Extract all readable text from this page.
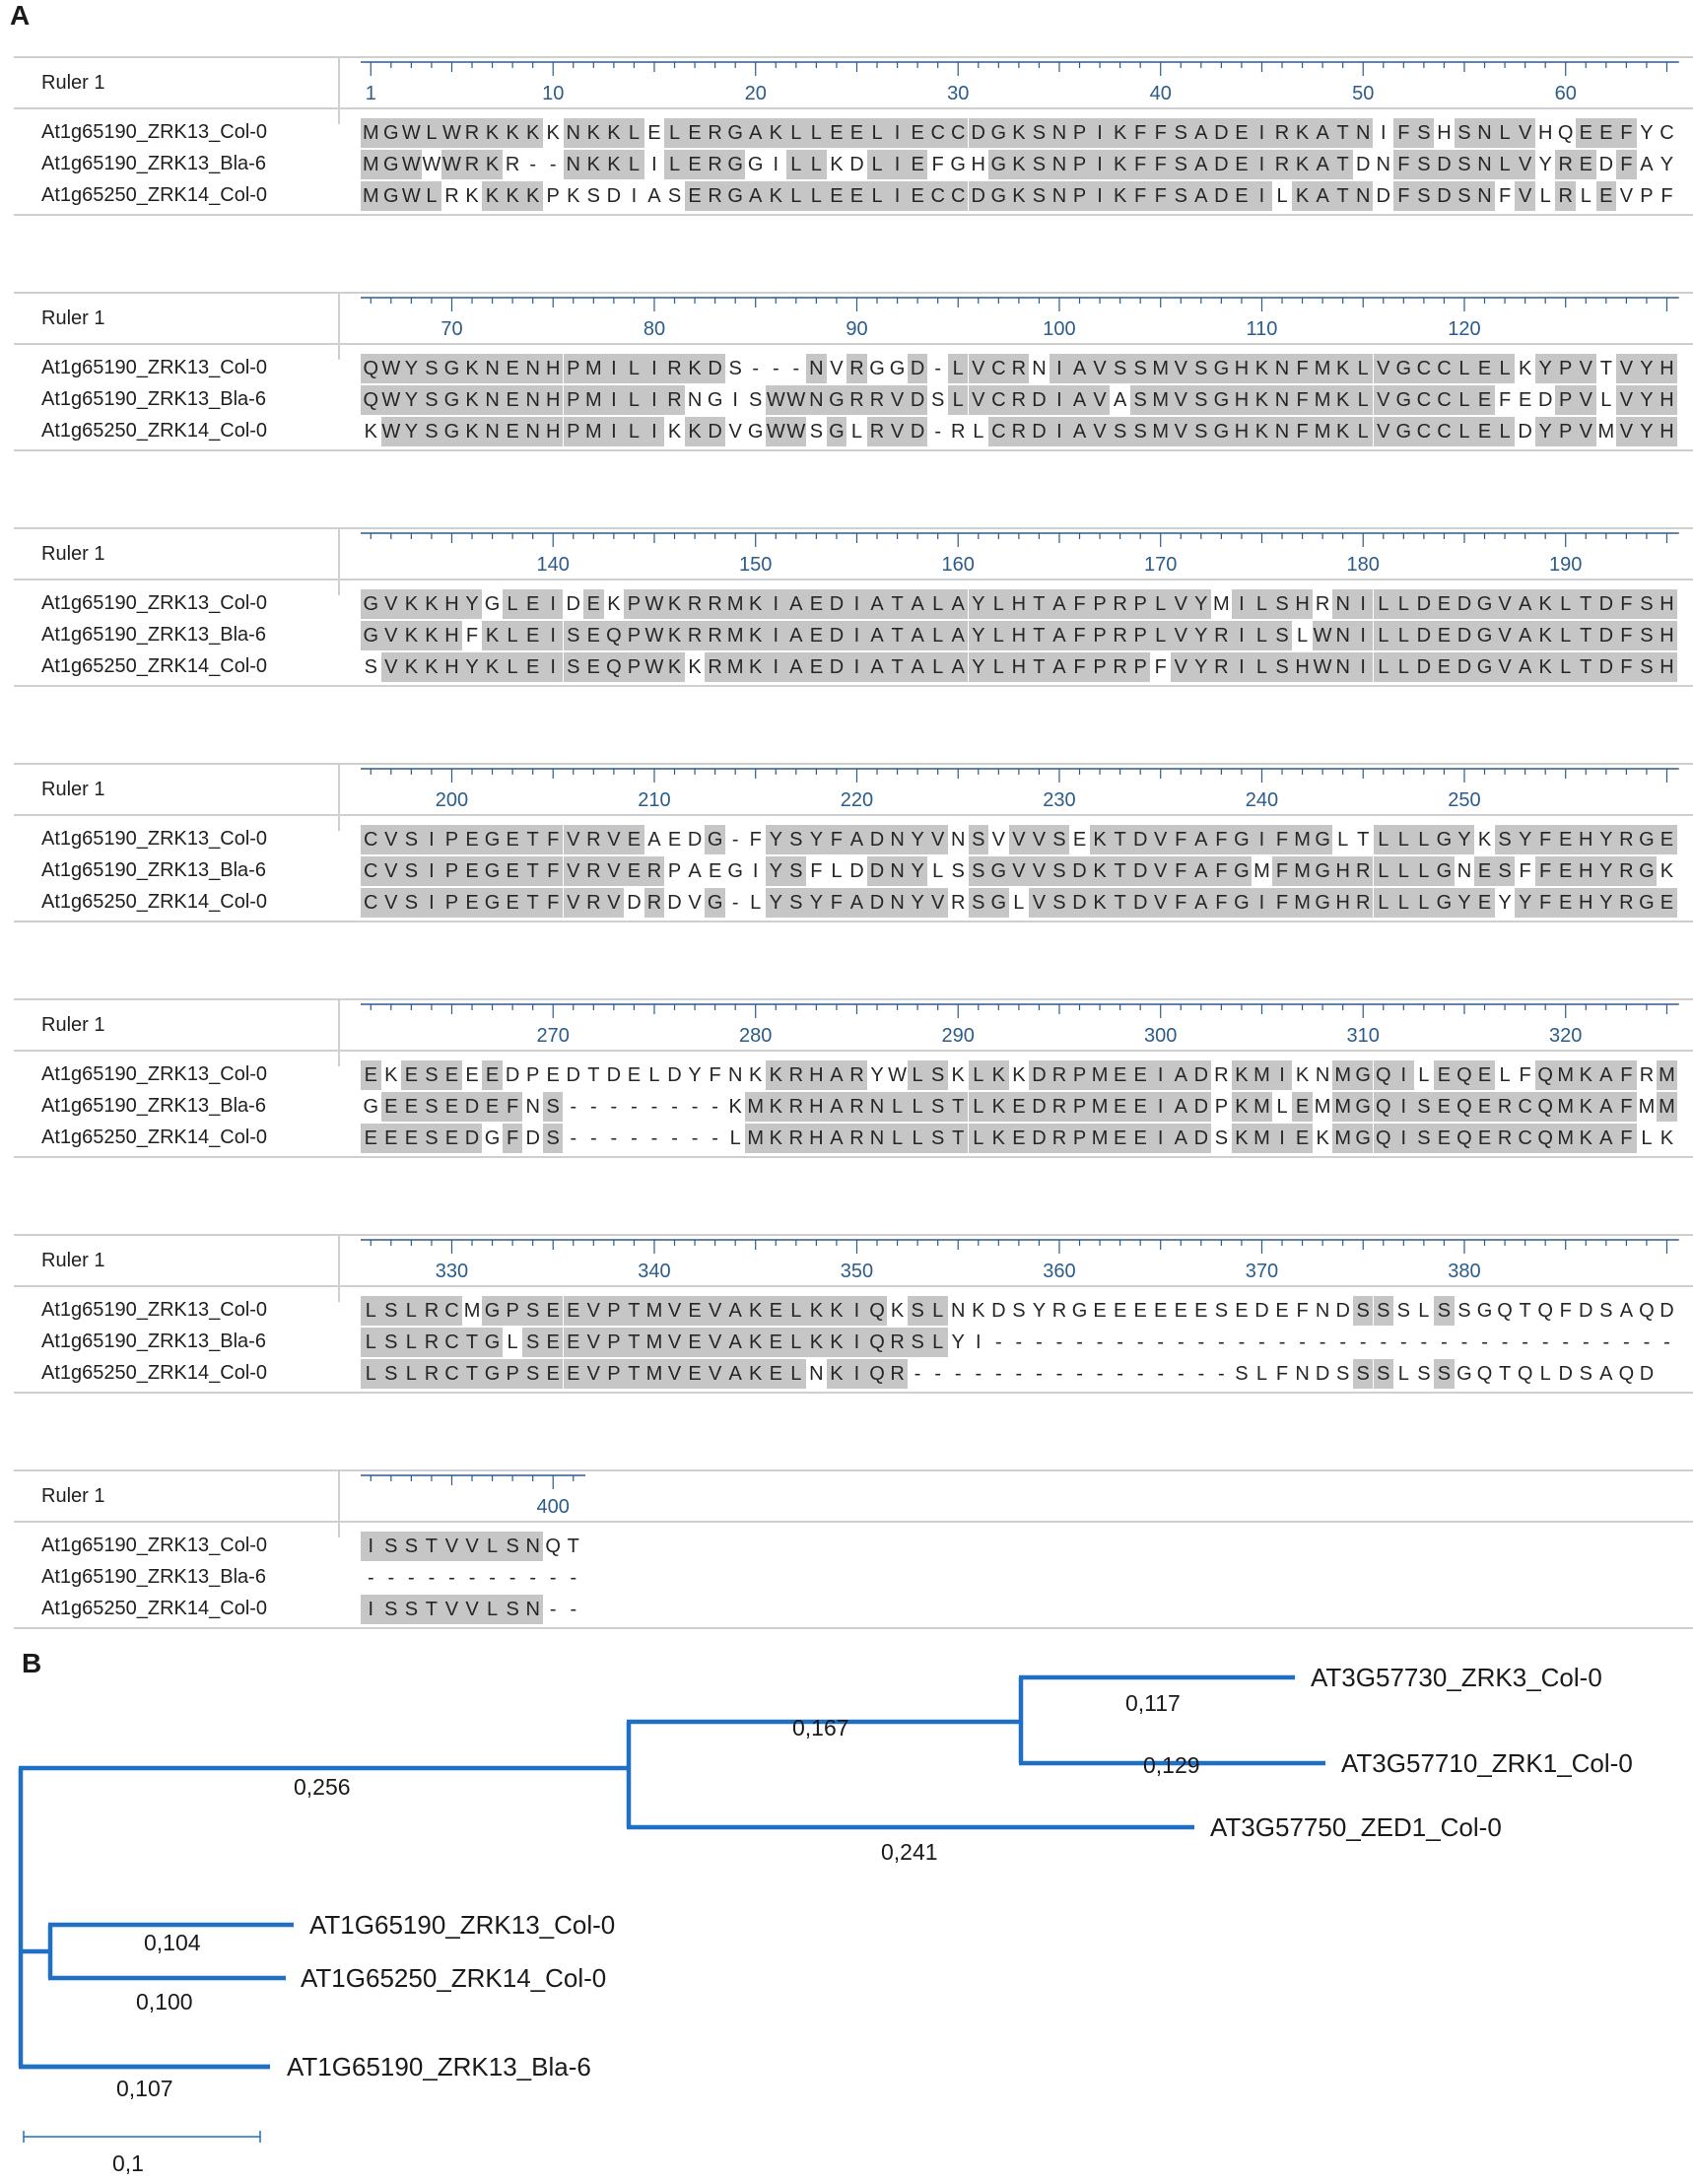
A
Ruler 1	1	10	20	30	40	50	60
At1g65190_ZRK13_Col-0	M G W L W R K K K K N K K L E L E R G A K L L E E L I E C C D G K S N P I K F F S A D E I R K A T N I F S H S N L V H Q E E F Y C
At1g65190_ZRK13_Bla-6	M G W W W R K R - - N K K L I L E R G G I L L K D L I E F G H G K S N P I K F F S A D E I R K A T D N F S D S N L V Y R E D F A Y
At1g65250_ZRK14_Col-0	M G W L R K K K K P K S D I A S E R G A K L L E E L I E C C D G K S N P I K F F S A D E I L K A T N D F S D S N F V L R L E V P F
Ruler 1	70	80	90	100	110	120
At1g65190_ZRK13_Col-0	Q W Y S G K N E N H P M I L I R K D S - - - N V R G G D - L V C R N I A V S S M V S G H K N F M K L V G C C L E L K Y P V T V Y H
At1g65190_ZRK13_Bla-6	Q W Y S G K N E N H P M I L I R N G I S W W N G R R V D S L V C R D I A V A S M V S G H K N F M K L V G C C L E F E D P V L V Y H
At1g65250_ZRK14_Col-0	K W Y S G K N E N H P M I L I K K D V G W W S G L R V D - R L C R D I A V S S M V S G H K N F M K L V G C C L E L D Y P V M V Y H
Ruler 1	140	150	160	170	180	190
At1g65190_ZRK13_Col-0	G V K K H Y G L E I D E K P W K R R M K I A E D I A T A L A Y L H T A F P R P L V Y M I L S H R N I L L D E D G V A K L T D F S H
At1g65190_ZRK13_Bla-6	G V K K H F K L E I S E Q P W K R R M K I A E D I A T A L A Y L H T A F P R P L V Y R I L S L W N I L L D E D G V A K L T D F S H
At1g65250_ZRK14_Col-0	S V K K H Y K L E I S E Q P W K K R M K I A E D I A T A L A Y L H T A F P R P F V Y R I L S H W N I L L D E D G V A K L T D F S H
Ruler 1	200	210	220	230	240	250
At1g65190_ZRK13_Col-0	C V S I P E G E T F V R V E A E D G - F Y S Y F A D N Y V N S V V V S E K T D V F A F G I F M G L T L L L G Y K S Y F E H Y R G E
At1g65190_ZRK13_Bla-6	C V S I P E G E T F V R V E R P A E G I Y S F L D D N Y L S S G V V S D K T D V F A F G M F M G H R L L L G N E S F F E H Y R G K
At1g65250_ZRK14_Col-0	C V S I P E G E T F V R V D R D V G - L Y S Y F A D N Y V R S G L V S D K T D V F A F G I F M G H R L L L G Y E Y Y F E H Y R G E
Ruler 1	270	280	290	300	310	320
At1g65190_ZRK13_Col-0	E K E S E E E D P E D T D E L D Y F N K K R H A R Y W L S K L K K D R P M E E I A D R K M I K N M G Q I L E Q E L F Q M K A F R M
At1g65190_ZRK13_Bla-6	G E E S E D E F N S - - - - - - - - K M K R H A R N L L S T L K E D R P M E E I A D P K M L E M M G Q I S E Q E R C Q M K A F M M
At1g65250_ZRK14_Col-0	E E E S E D G F D S - - - - - - - - L M K R H A R N L L S T L K E D R P M E E I A D S K M I E K M G Q I S E Q E R C Q M K A F L K
Ruler 1	330	340	350	360	370	380
At1g65190_ZRK13_Col-0	L S L R C M G P S E E V P T M V E V A K E L K K I Q K S L N K D S Y R G E E E E E E S E D E F N D S S S L S S G Q T Q F D S A Q D
At1g65190_ZRK13_Bla-6	L S L R C T G L S E E V P T M V E V A K E L K K I Q R S L Y I - - - - - - - - - - - - - - - - - - - - - - - - - - - - - - - - - -
At1g65250_ZRK14_Col-0	L S L R C T G P S E E V P T M V E V A K E L N K I Q R - - - - - - - - - - - - - - - - S L F N D S S S L S S G Q T Q L D S A Q D
Ruler 1	400
At1g65190_ZRK13_Col-0	I S S T V V L S N Q T
At1g65190_ZRK13_Bla-6	- - - - - - - - - - -
At1g65250_ZRK14_Col-0	I S S T V V L S N - -
B	AT3G57730_ZRK3_Col-0
AT3G57710_ZRK1_Col-0
AT3G57750_ZED1_Col-0
AT1G65190_ZRK13_Col-0
AT1G65250_ZRK14_Col-0
AT1G65190_ZRK13_Bla-6
0,117
0,129
0,167
0,241
0,256
0,104
0,100
0,107
0,1
